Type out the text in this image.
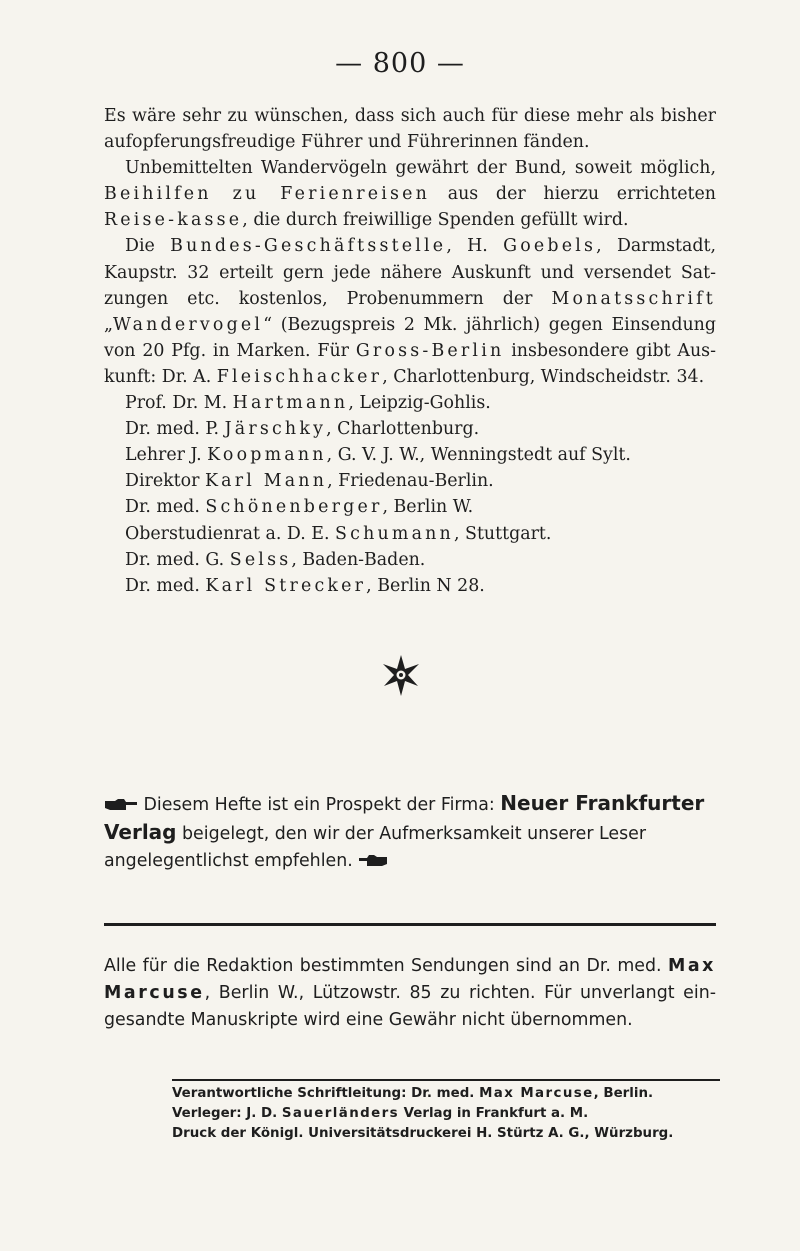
— 800 —

Es wäre sehr zu wünschen, dass sich auch für diese mehr als bisher aufopferungsfreudige Führer und Führerinnen fänden.

Unbemittelten Wandervögeln gewährt der Bund, soweit möglich, Beihilfen zu Ferienreisen aus der hierzu errichteten Reise-kasse, die durch freiwillige Spenden gefüllt wird.

Die Bundes-Geschäftsstelle, H. Goebels, Darmstadt, Kaupstr. 32 erteilt gern jede nähere Auskunft und versendet Satzungen etc. kostenlos, Probenummern der Monatsschrift „Wandervogel“ (Bezugspreis 2 Mk. jährlich) gegen Einsendung von 20 Pfg. in Marken. Für Gross-Berlin insbesondere gibt Auskunft: Dr. A. Fleischhacker, Charlottenburg, Windscheidstr. 34.

Prof. Dr. M. Hartmann, Leipzig-Gohlis.
Dr. med. P. Järschky, Charlottenburg.
Lehrer J. Koopmann, G. V. J. W., Wenningstedt auf Sylt.
Direktor Karl Mann, Friedenau-Berlin.
Dr. med. Schönenberger, Berlin W.
Oberstudienrat a. D. E. Schumann, Stuttgart.
Dr. med. G. Selss, Baden-Baden.
Dr. med. Karl Strecker, Berlin N 28.
Diesem Hefte ist ein Prospekt der Firma: Neuer Frankfurter Verlag beigelegt, den wir der Aufmerksamkeit unserer Leser angelegentlichst empfehlen.

Alle für die Redaktion bestimmten Sendungen sind an Dr. med. Max Marcuse, Berlin W., Lützowstr. 85 zu richten. Für unverlangt eingesandte Manuskripte wird eine Gewähr nicht übernommen.

Verantwortliche Schriftleitung: Dr. med. Max Marcuse, Berlin.
Verleger: J. D. Sauerländers Verlag in Frankfurt a. M.
Druck der Königl. Universitätsdruckerei H. Stürtz A. G., Würzburg.
